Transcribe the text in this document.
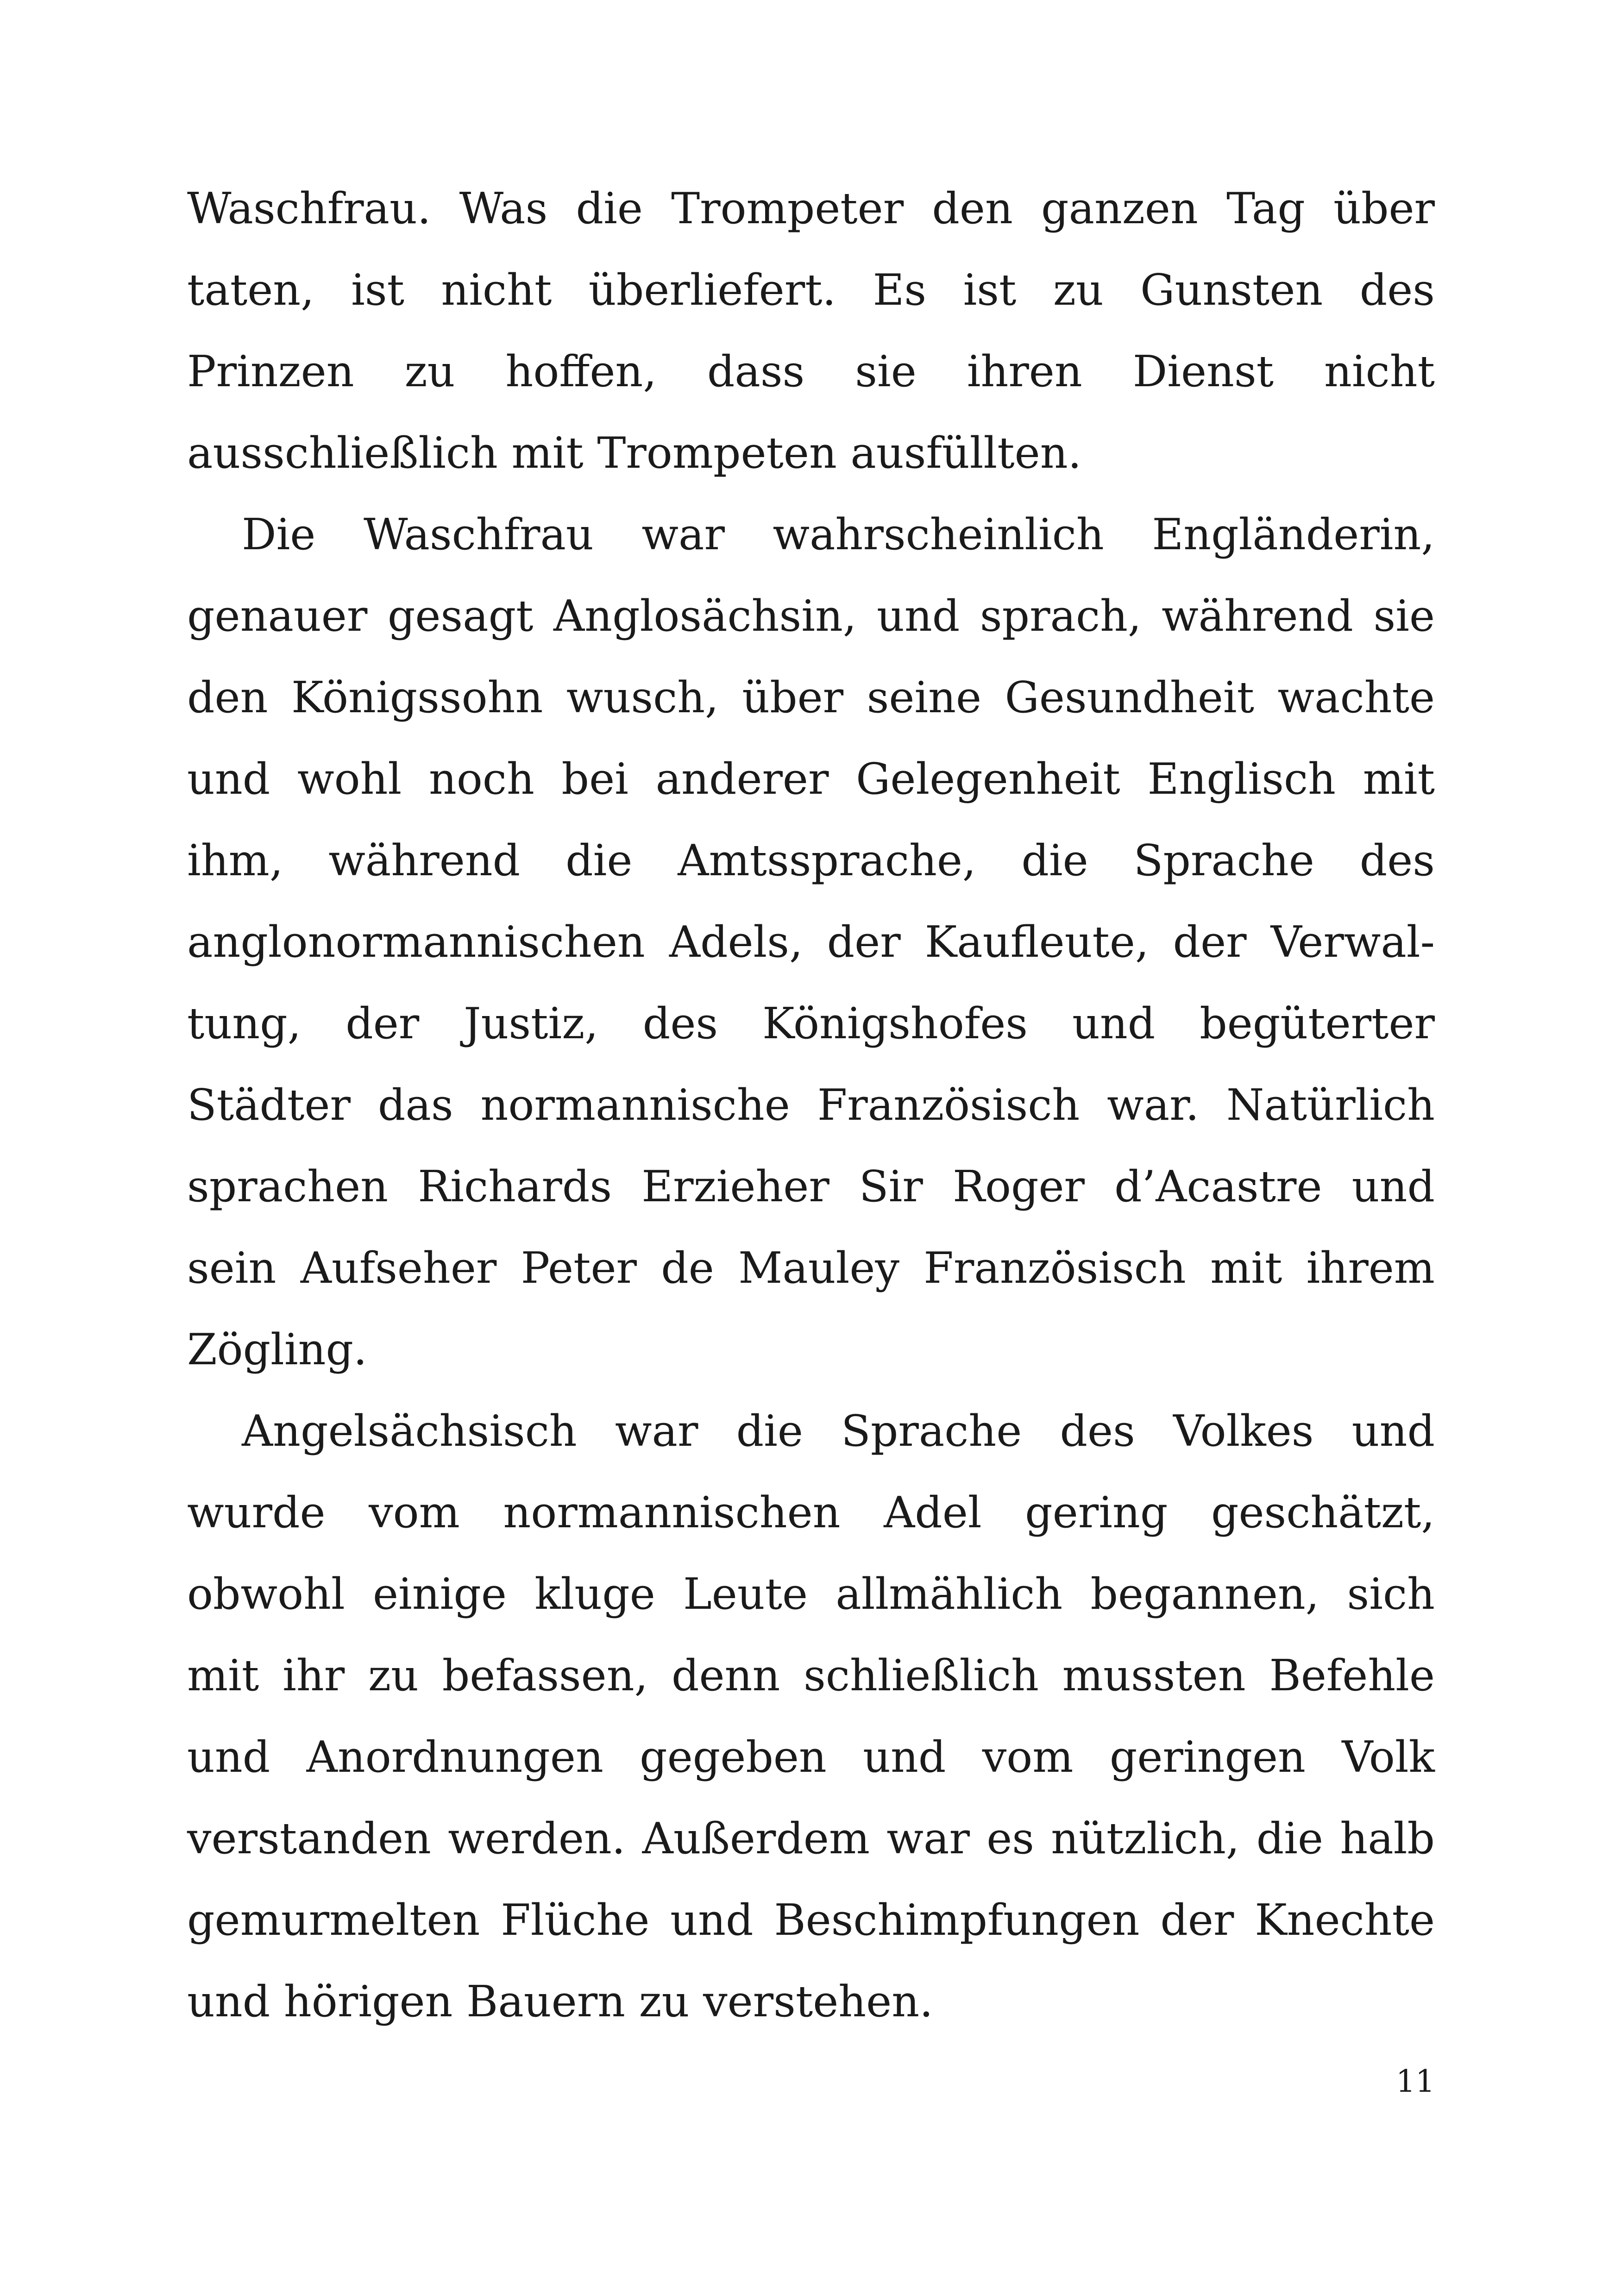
Waschfrau. Was die Trompeter den ganzen Tag über
taten, ist nicht überliefert. Es ist zu Gunsten des
Prinzen zu hoffen, dass sie ihren Dienst nicht
ausschließlich mit Trompeten ausfüllten.
Die Waschfrau war wahrscheinlich Engländerin,
genauer gesagt Anglosächsin, und sprach, während sie
den Königssohn wusch, über seine Gesundheit wachte
und wohl noch bei anderer Gelegenheit Englisch mit
ihm, während die Amtssprache, die Sprache des
anglonormannischen Adels, der Kaufleute, der Verwal-
tung, der Justiz, des Königshofes und begüterter
Städter das normannische Französisch war. Natürlich
sprachen Richards Erzieher Sir Roger d’Acastre und
sein Aufseher Peter de Mauley Französisch mit ihrem
Zögling.
Angelsächsisch war die Sprache des Volkes und
wurde vom normannischen Adel gering geschätzt,
obwohl einige kluge Leute allmählich begannen, sich
mit ihr zu befassen, denn schließlich mussten Befehle
und Anordnungen gegeben und vom geringen Volk
verstanden werden. Außerdem war es nützlich, die halb
gemurmelten Flüche und Beschimpfungen der Knechte
und hörigen Bauern zu verstehen.
11
